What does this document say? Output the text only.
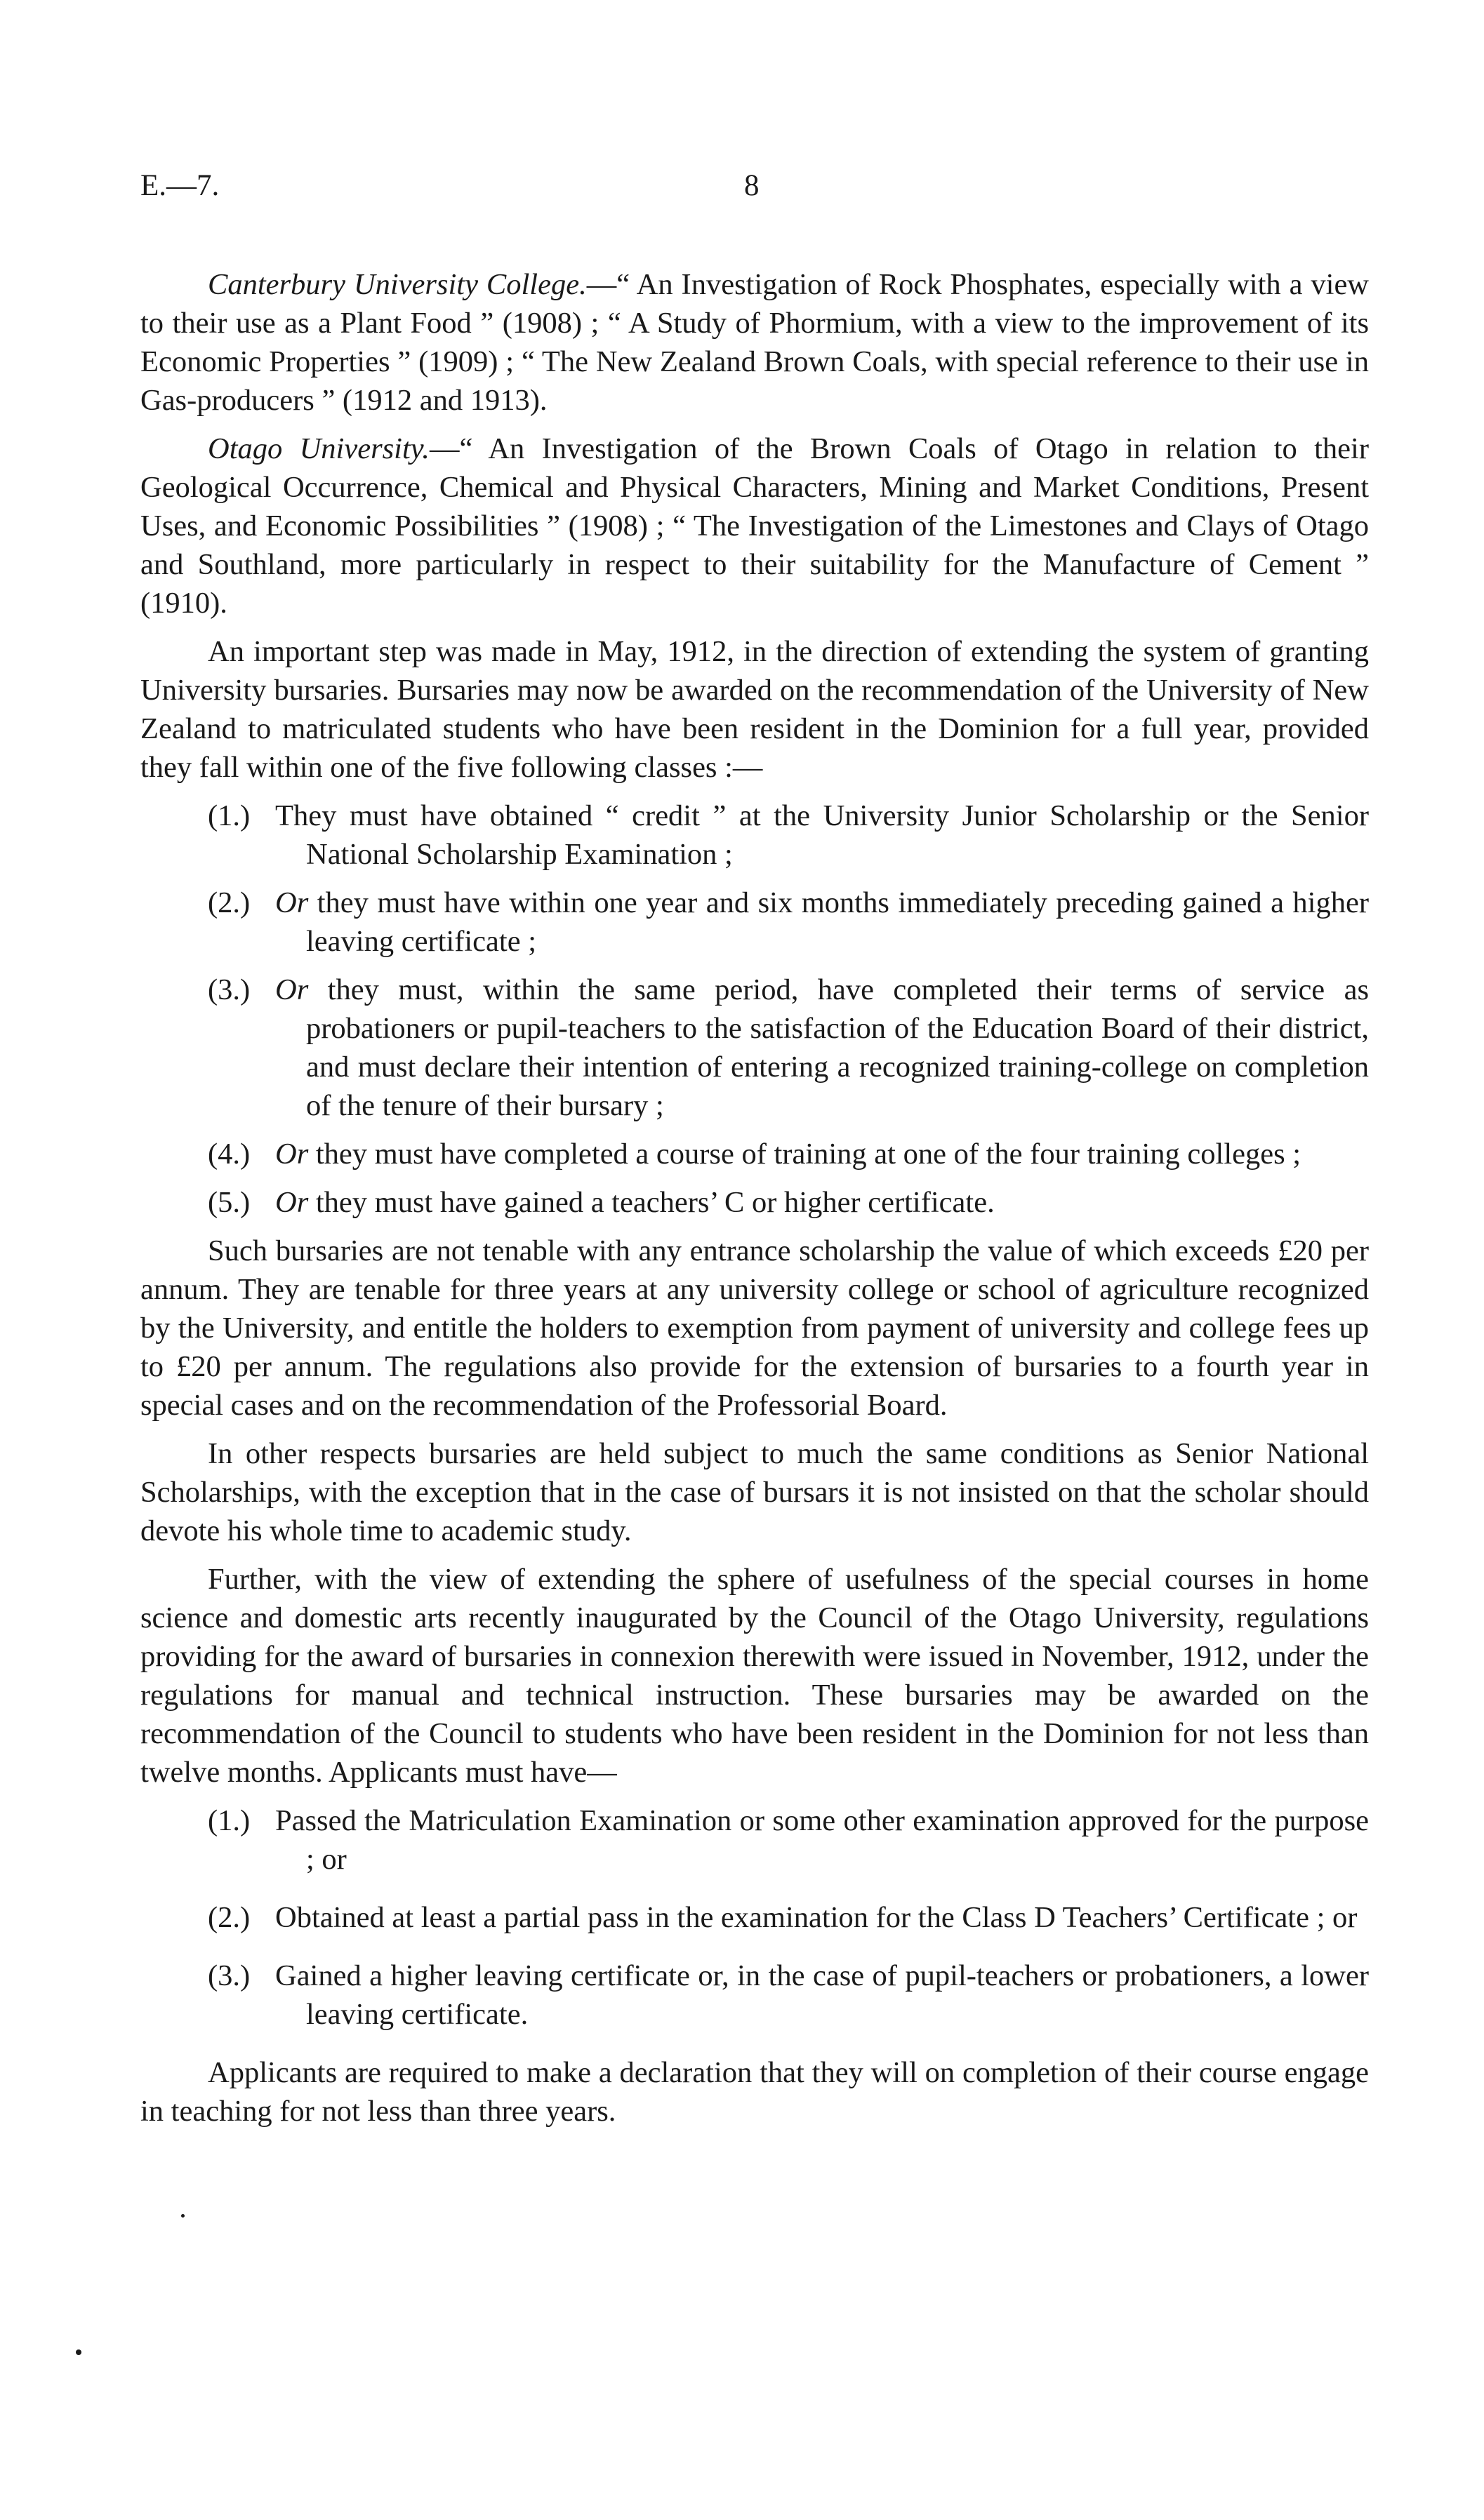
E.—7.	8

Canterbury University College.—“ An Investigation of Rock Phosphates, especially with a view to their use as a Plant Food ” (1908) ; “ A Study of Phormium, with a view to the improvement of its Economic Properties ” (1909) ; “ The New Zealand Brown Coals, with special reference to their use in Gas-producers ” (1912 and 1913).

Otago University.—“ An Investigation of the Brown Coals of Otago in relation to their Geological Occurrence, Chemical and Physical Characters, Mining and Market Conditions, Present Uses, and Economic Possibilities ” (1908) ; “ The Investigation of the Limestones and Clays of Otago and Southland, more particularly in respect to their suitability for the Manufacture of Cement ” (1910).

An important step was made in May, 1912, in the direction of extending the system of granting University bursaries. Bursaries may now be awarded on the recommendation of the University of New Zealand to matriculated students who have been resident in the Dominion for a full year, provided they fall within one of the five following classes :—

(1.) They must have obtained “ credit ” at the University Junior Scholarship or the Senior National Scholarship Examination ;
(2.) Or they must have within one year and six months immediately preceding gained a higher leaving certificate ;
(3.) Or they must, within the same period, have completed their terms of service as probationers or pupil-teachers to the satisfaction of the Education Board of their district, and must declare their intention of entering a recognized training-college on completion of the tenure of their bursary ;
(4.) Or they must have completed a course of training at one of the four training colleges ;
(5.) Or they must have gained a teachers’ C or higher certificate.

Such bursaries are not tenable with any entrance scholarship the value of which exceeds £20 per annum. They are tenable for three years at any university college or school of agriculture recognized by the University, and entitle the holders to exemption from payment of university and college fees up to £20 per annum. The regulations also provide for the extension of bursaries to a fourth year in special cases and on the recommendation of the Professorial Board.

In other respects bursaries are held subject to much the same conditions as Senior National Scholarships, with the exception that in the case of bursars it is not insisted on that the scholar should devote his whole time to academic study.

Further, with the view of extending the sphere of usefulness of the special courses in home science and domestic arts recently inaugurated by the Council of the Otago University, regulations providing for the award of bursaries in connexion therewith were issued in November, 1912, under the regulations for manual and technical instruction. These bursaries may be awarded on the recommendation of the Council to students who have been resident in the Dominion for not less than twelve months. Applicants must have—

(1.) Passed the Matriculation Examination or some other examination approved for the purpose ; or
(2.) Obtained at least a partial pass in the examination for the Class D Teachers’ Certificate ; or
(3.) Gained a higher leaving certificate or, in the case of pupil-teachers or probationers, a lower leaving certificate.

Applicants are required to make a declaration that they will on completion of their course engage in teaching for not less than three years.
